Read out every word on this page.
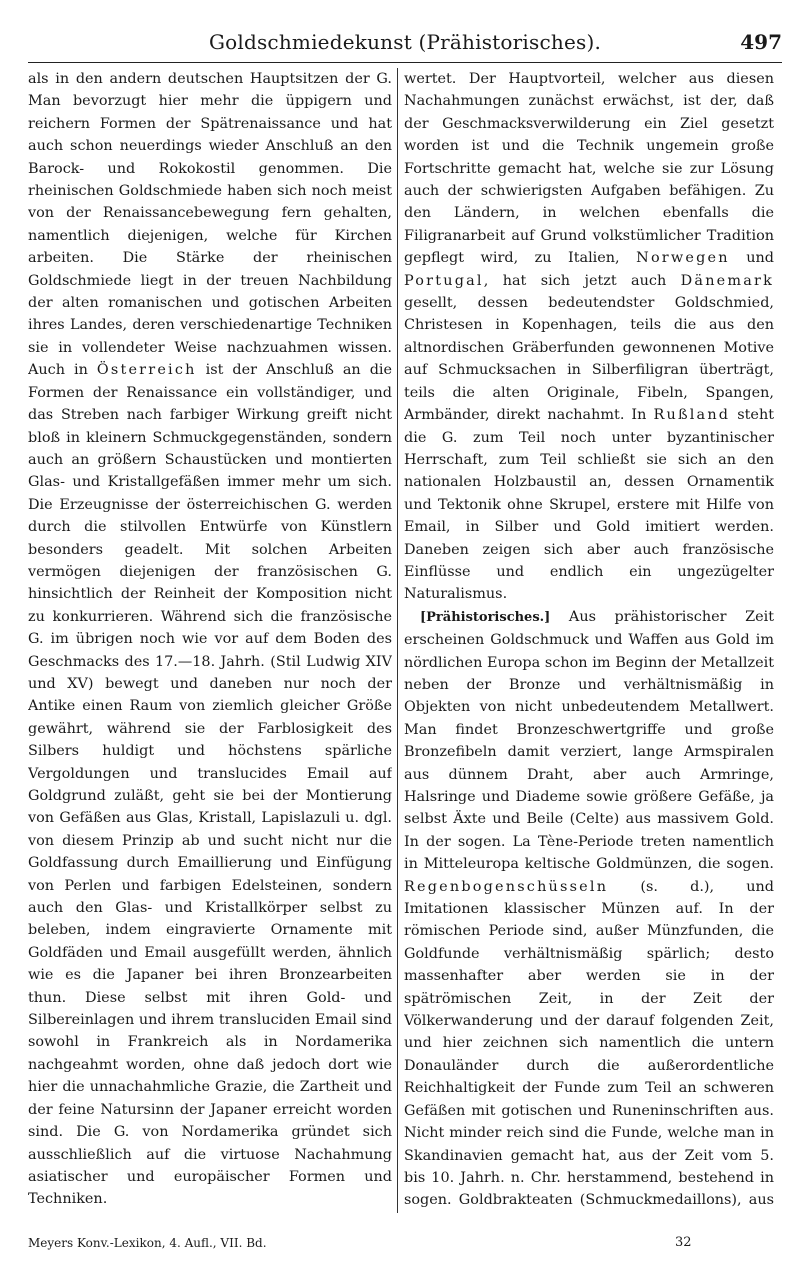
Goldschmiedekunst (Prähistorisches).	497

als in den andern deutschen Hauptsitzen der G. Man bevorzugt hier mehr die üppigern und reichern Formen der Spätrenaissance und hat auch schon neuerdings wieder Anschluß an den Barock- und Rokokostil genommen. Die rheinischen Goldschmiede haben sich noch meist von der Renaissancebewegung fern gehalten, namentlich diejenigen, welche für Kirchen arbeiten. Die Stärke der rheinischen Goldschmiede liegt in der treuen Nachbildung der alten romanischen und gotischen Arbeiten ihres Landes, deren verschiedenartige Techniken sie in vollendeter Weise nachzuahmen wissen. Auch in Österreich ist der Anschluß an die Formen der Renaissance ein vollständiger, und das Streben nach farbiger Wirkung greift nicht bloß in kleinern Schmuckgegenständen, sondern auch an größern Schaustücken und montierten Glas- und Kristallgefäßen immer mehr um sich. Die Erzeugnisse der österreichischen G. werden durch die stilvollen Entwürfe von Künstlern besonders geadelt. Mit solchen Arbeiten vermögen diejenigen der französischen G. hinsichtlich der Reinheit der Komposition nicht zu konkurrieren. Während sich die französische G. im übrigen noch wie vor auf dem Boden des Geschmacks des 17.—18. Jahrh. (Stil Ludwig XIV und XV) bewegt und daneben nur noch der Antike einen Raum von ziemlich gleicher Größe gewährt, während sie der Farblosigkeit des Silbers huldigt und höchstens spärliche Vergoldungen und translucides Email auf Goldgrund zuläßt, geht sie bei der Montierung von Gefäßen aus Glas, Kristall, Lapislazuli u. dgl. von diesem Prinzip ab und sucht nicht nur die Goldfassung durch Emaillierung und Einfügung von Perlen und farbigen Edelsteinen, sondern auch den Glas- und Kristallkörper selbst zu beleben, indem eingravierte Ornamente mit Goldfäden und Email ausgefüllt werden, ähnlich wie es die Japaner bei ihren Bronzearbeiten thun. Diese selbst mit ihren Gold- und Silbereinlagen und ihrem transluciden Email sind sowohl in Frankreich als in Nordamerika nachgeahmt worden, ohne daß jedoch dort wie hier die unnachahmliche Grazie, die Zartheit und der feine Natursinn der Japaner erreicht worden sind. Die G. von Nordamerika gründet sich ausschließlich auf die virtuose Nachahmung asiatischer und europäischer Formen und Techniken.

wertet. Der Hauptvorteil, welcher aus diesen Nachahmungen zunächst erwächst, ist der, daß der Geschmacksverwilderung ein Ziel gesetzt worden ist und die Technik ungemein große Fortschritte gemacht hat, welche sie zur Lösung auch der schwierigsten Aufgaben befähigen. Zu den Ländern, in welchen ebenfalls die Filigranarbeit auf Grund volkstümlicher Tradition gepflegt wird, zu Italien, Norwegen und Portugal, hat sich jetzt auch Dänemark gesellt, dessen bedeutendster Goldschmied, Christesen in Kopenhagen, teils die aus den altnordischen Gräberfunden gewonnenen Motive auf Schmucksachen in Silberfiligran überträgt, teils die alten Originale, Fibeln, Spangen, Armbänder, direkt nachahmt. In Rußland steht die G. zum Teil noch unter byzantinischer Herrschaft, zum Teil schließt sie sich an den nationalen Holzbaustil an, dessen Ornamentik und Tektonik ohne Skrupel, erstere mit Hilfe von Email, in Silber und Gold imitiert werden. Daneben zeigen sich aber auch französische Einflüsse und endlich ein ungezügelter Naturalismus.

[Prähistorisches.] Aus prähistorischer Zeit erscheinen Goldschmuck und Waffen aus Gold im nördlichen Europa schon im Beginn der Metallzeit neben der Bronze und verhältnismäßig in Objekten von nicht unbedeutendem Metallwert. Man findet Bronzeschwertgriffe und große Bronzefibeln damit verziert, lange Armspiralen aus dünnem Draht, aber auch Armringe, Halsringe und Diademe sowie größere Gefäße, ja selbst Äxte und Beile (Celte) aus massivem Gold. In der sogen. La Tène-Periode treten namentlich in Mitteleuropa keltische Goldmünzen, die sogen. Regenbogenschüsseln (s. d.), und Imitationen klassischer Münzen auf. In der römischen Periode sind, außer Münzfunden, die Goldfunde verhältnismäßig spärlich; desto massenhafter aber werden sie in der spätrömischen Zeit, in der Zeit der Völkerwanderung und der darauf folgenden Zeit, und hier zeichnen sich namentlich die untern Donauländer durch die außerordentliche Reichhaltigkeit der Funde zum Teil an schweren Gefäßen mit gotischen und Runeninschriften aus. Nicht minder reich sind die Funde, welche man in Skandinavien gemacht hat, aus der Zeit vom 5. bis 10. Jahrh. n. Chr. herstammend, bestehend in sogen. Goldbrakteaten (Schmuckmedaillons), aus

Meyers Konv.-Lexikon, 4. Aufl., VII. Bd.	32
